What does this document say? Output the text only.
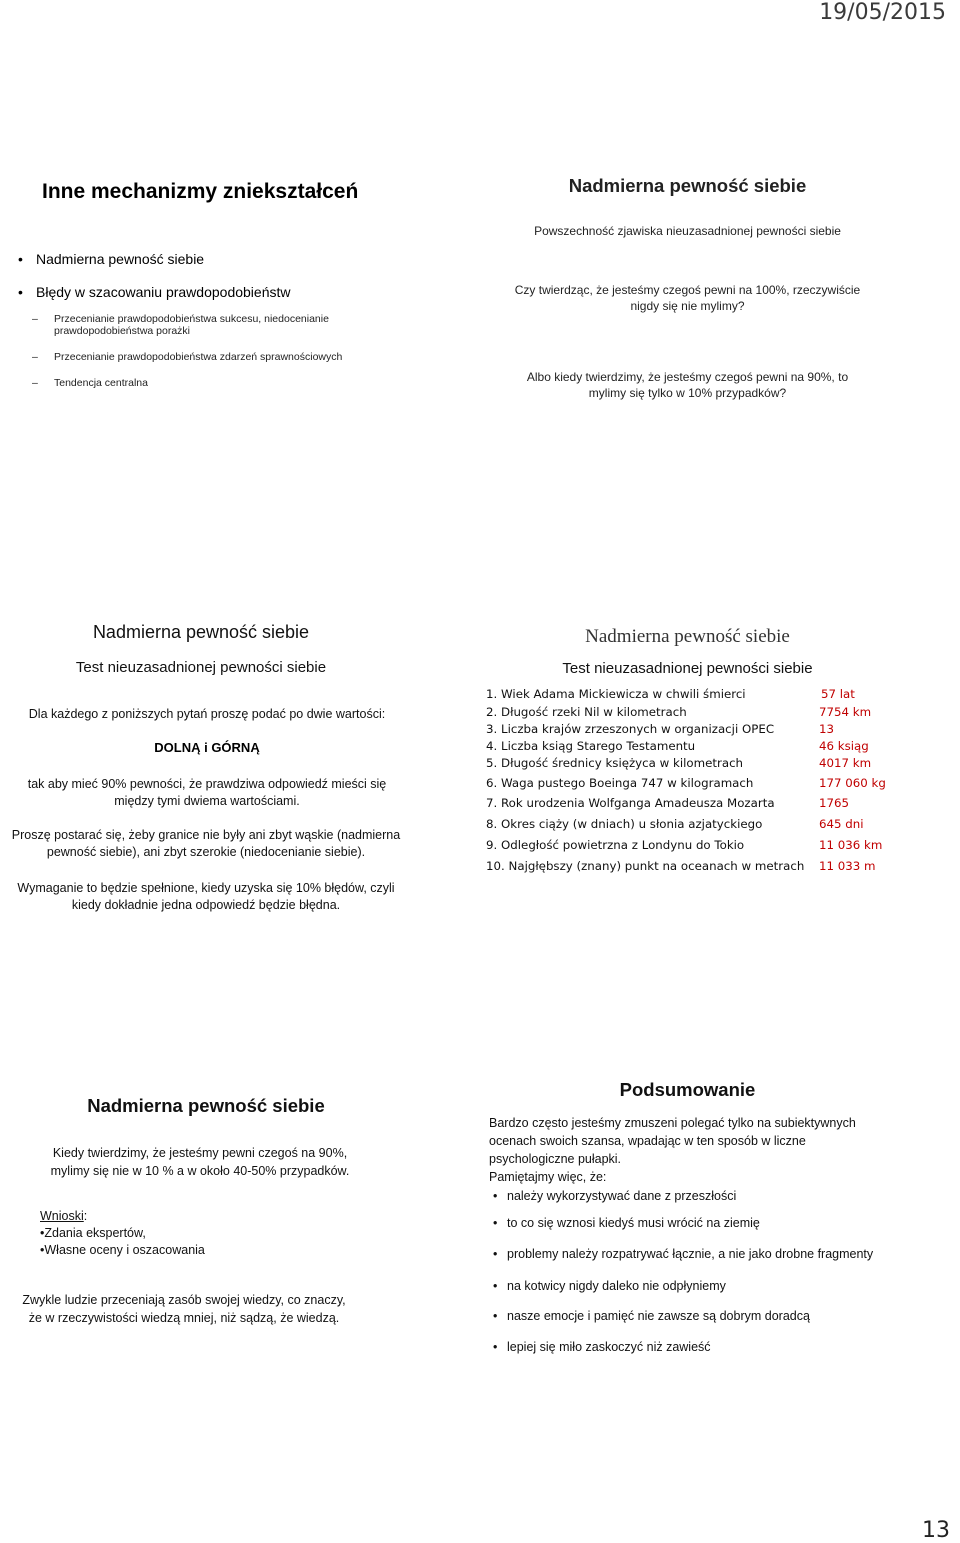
19/05/2015
13
Inne mechanizmy zniekształceń
• Nadmierna pewność siebie
• Błędy w szacowaniu prawdopodobieństw
– Przecenianie prawdopodobieństwa sukcesu, niedocenianie
prawdopodobieństwa porażki
– Przecenianie prawdopodobieństwa zdarzeń sprawnościowych
– Tendencja centralna
Nadmierna pewność siebie
Powszechność zjawiska nieuzasadnionej pewności siebie
Czy twierdząc, że jesteśmy czegoś pewni na 100%, rzeczywiście
nigdy się nie mylimy?
Albo kiedy twierdzimy, że jesteśmy czegoś pewni na 90%, to
mylimy się tylko w 10% przypadków?
Nadmierna pewność siebie
Test nieuzasadnionej pewności siebie
Dla każdego z poniższych pytań proszę podać po dwie wartości:
DOLNĄ i GÓRNĄ
tak aby mieć 90% pewności, że prawdziwa odpowiedź mieści się
między tymi dwiema wartościami.
Proszę postarać się, żeby granice nie były ani zbyt wąskie (nadmierna
pewność siebie), ani zbyt szerokie (niedocenianie siebie).
Wymaganie to będzie spełnione, kiedy uzyska się 10% błędów, czyli
kiedy dokładnie jedna odpowiedź będzie błędna.
Nadmierna pewność siebie
Test nieuzasadnionej pewności siebie
1. Wiek Adama Mickiewicza w chwili śmierci	57 lat
2. Długość rzeki Nil w kilometrach	7754 km
3. Liczba krajów zrzeszonych w organizacji OPEC	13
4. Liczba ksiąg Starego Testamentu	46 ksiąg
5. Długość średnicy księżyca w kilometrach	4017 km
6. Waga pustego Boeinga 747 w kilogramach	177 060 kg
7. Rok urodzenia Wolfganga Amadeusza Mozarta	1765
8. Okres ciąży (w dniach) u słonia azjatyckiego	645 dni
9. Odległość powietrzna z Londynu do Tokio	11 036 km
10. Najgłębszy (znany) punkt na oceanach w metrach 11 033 m
Nadmierna pewność siebie
Kiedy twierdzimy, że jesteśmy pewni czegoś na 90%,
mylimy się nie w 10 % a w około 40-50% przypadków.
Wnioski:
•Zdania ekspertów,
•Własne oceny i oszacowania
Zwykle ludzie przeceniają zasób swojej wiedzy, co znaczy,
że w rzeczywistości wiedzą mniej, niż sądzą, że wiedzą.
Podsumowanie
Bardzo często jesteśmy zmuszeni polegać tylko na subiektywnych
ocenach swoich szansa, wpadając w ten sposób w liczne
psychologiczne pułapki.
Pamiętajmy więc, że:
• należy wykorzystywać dane z przeszłości
• to co się wznosi kiedyś musi wrócić na ziemię
• problemy należy rozpatrywać łącznie, a nie jako drobne fragmenty
• na kotwicy nigdy daleko nie odpłyniemy
• nasze emocje i pamięć nie zawsze są dobrym doradcą
• lepiej się miło zaskoczyć niż zawieść
